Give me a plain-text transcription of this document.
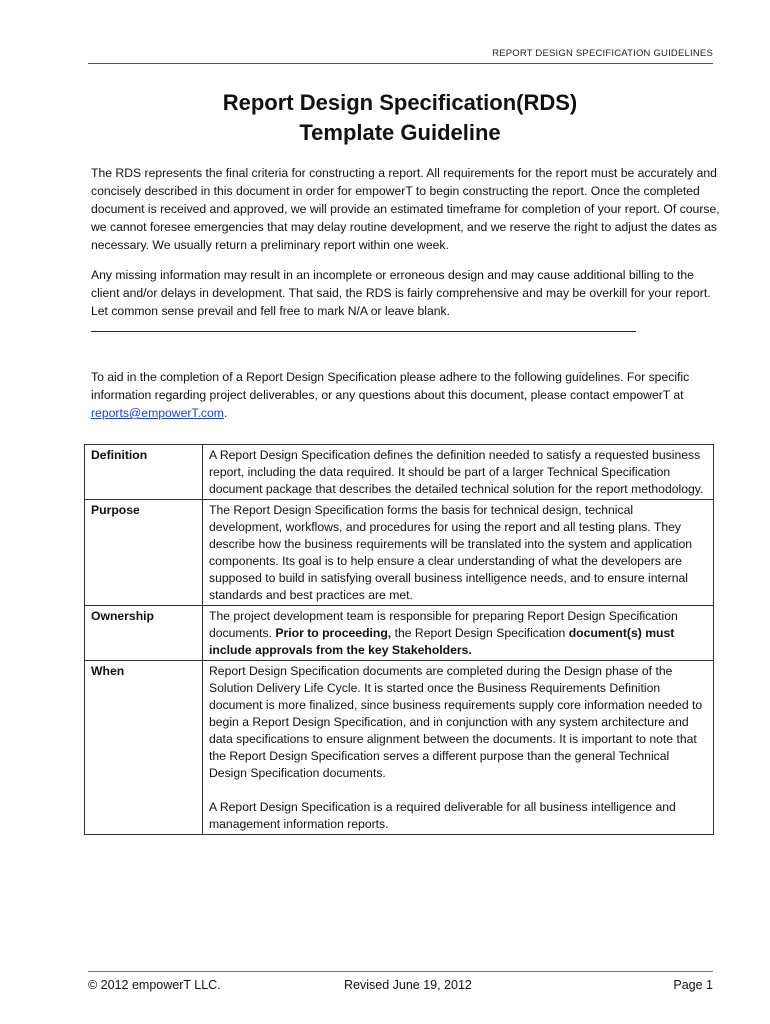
REPORT DESIGN SPECIFICATION GUIDELINES
Report Design Specification(RDS)
Template Guideline
The RDS represents the final criteria for constructing a report. All requirements for the report must be accurately and concisely described in this document in order for empowerT to begin constructing the report. Once the completed document is received and approved, we will provide an estimated timeframe for completion of your report. Of course, we cannot foresee emergencies that may delay routine development, and we reserve the right to adjust the dates as necessary. We usually return a preliminary report within one week.
Any missing information may result in an incomplete or erroneous design and may cause additional billing to the client and/or delays in development. That said, the RDS is fairly comprehensive and may be overkill for your report. Let common sense prevail and fell free to mark N/A or leave blank.
To aid in the completion of a Report Design Specification please adhere to the following guidelines. For specific information regarding project deliverables, or any questions about this document, please contact empowerT at reports@empowerT.com.
Definition	A Report Design Specification defines the definition needed to satisfy a requested business report, including the data required. It should be part of a larger Technical Specification document package that describes the detailed technical solution for the report methodology.
Purpose	The Report Design Specification forms the basis for technical design, technical development, workflows, and procedures for using the report and all testing plans. They describe how the business requirements will be translated into the system and application components. Its goal is to help ensure a clear understanding of what the developers are supposed to build in satisfying overall business intelligence needs, and to ensure internal standards and best practices are met.
Ownership	The project development team is responsible for preparing Report Design Specification documents. Prior to proceeding, the Report Design Specification document(s) must include approvals from the key Stakeholders.
When	Report Design Specification documents are completed during the Design phase of the Solution Delivery Life Cycle. It is started once the Business Requirements Definition document is more finalized, since business requirements supply core information needed to begin a Report Design Specification, and in conjunction with any system architecture and data specifications to ensure alignment between the documents. It is important to note that the Report Design Specification serves a different purpose than the general Technical Design Specification documents.
A Report Design Specification is a required deliverable for all business intelligence and management information reports.
© 2012 empowerT LLC.	Revised June 19, 2012	Page 1
